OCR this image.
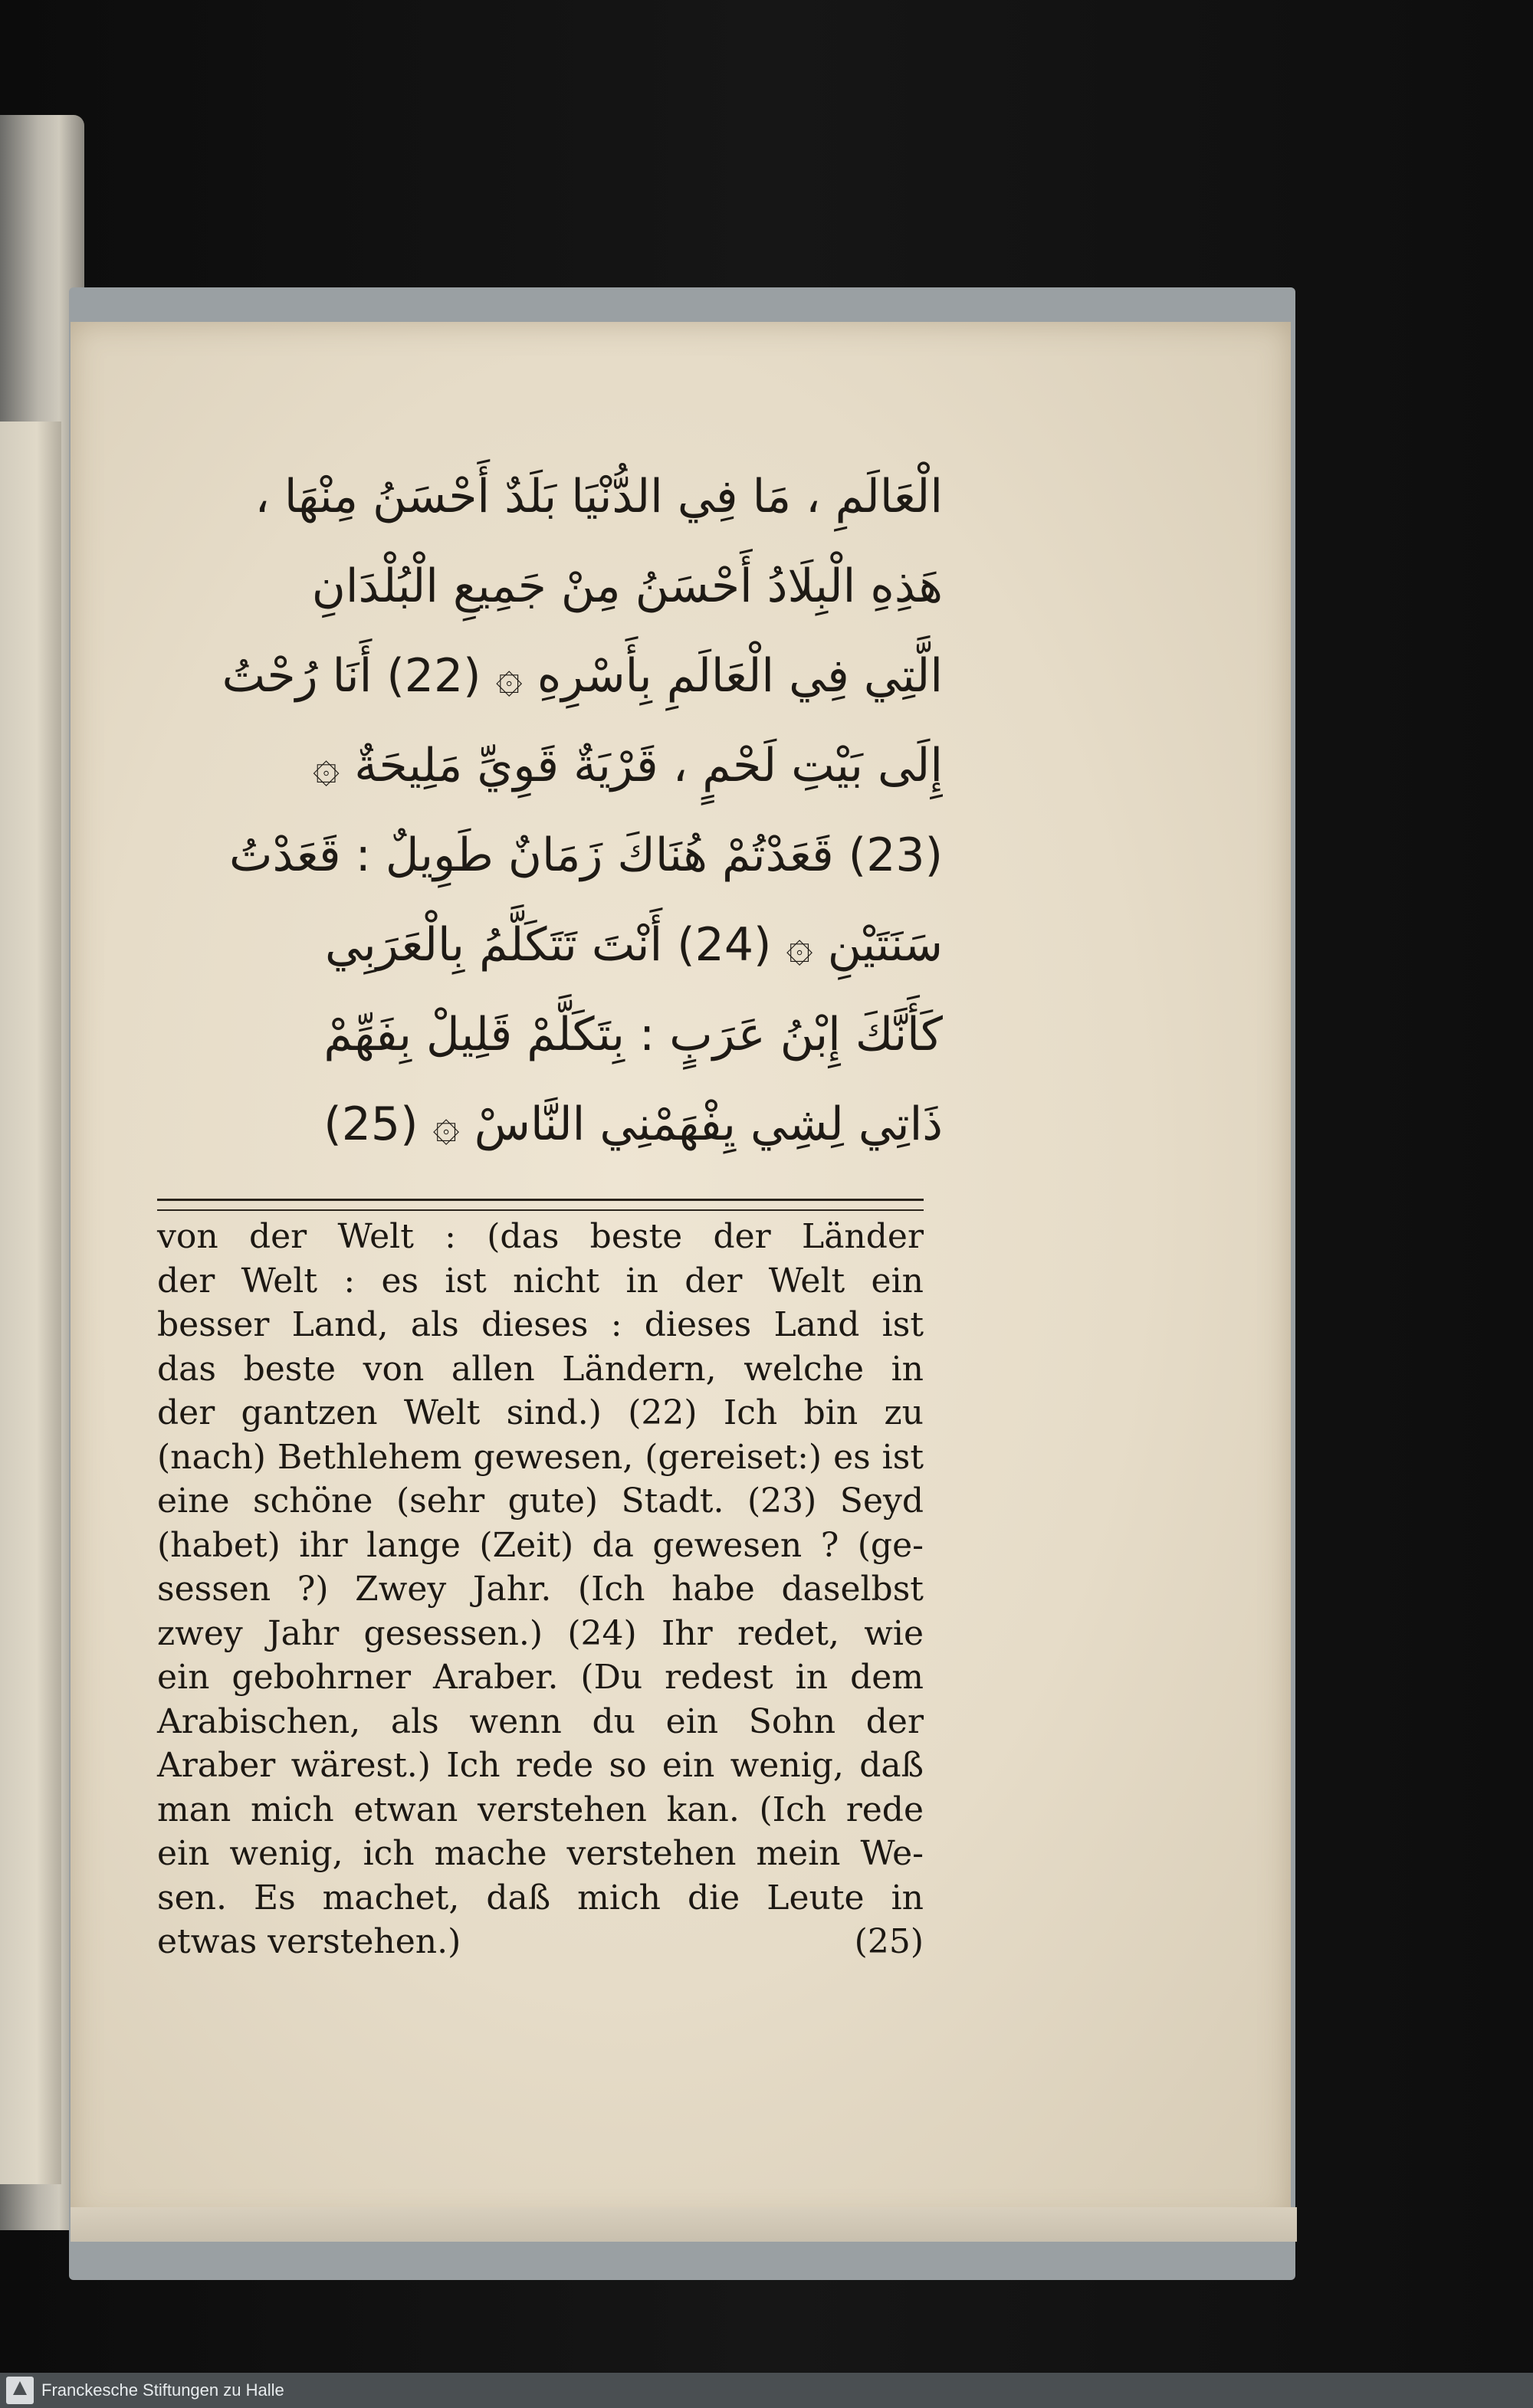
الْعَالَمِ ، مَا فِي الدُّنْيَا بَلَدٌ أَحْسَنُ مِنْهَا ،
هَذِهِ الْبِلَادُ أَحْسَنُ مِنْ جَمِيعِ الْبُلْدَانِ
الَّتِي فِي الْعَالَمِ بِأَسْرِهِ ۞ (22) أَنَا رُحْتُ
إِلَى بَيْتِ لَحْمٍ ، قَرْيَةٌ قَوِيِّ مَلِيحَةٌ ۞
(23) قَعَدْتُمْ هُنَاكَ زَمَانٌ طَوِيلٌ : قَعَدْتُ
سَنَتَيْنِ ۞ (24) أَنْتَ تَتَكَلَّمُ بِالْعَرَبِي
كَأَنَّكَ إِبْنُ عَرَبٍ : بِتَكَلَّمْ قَلِيلْ بِفَهِّمْ
ذَاتِي لِشِي يِفْهَمْنِي النَّاسْ ۞ (25)
von der Welt : (das beste der Länder
der Welt : es ist nicht in der Welt ein
besser Land, als dieses : dieses Land ist
das beste von allen Ländern, welche in
der gantzen Welt sind.) (22) Ich bin zu
(nach) Bethlehem gewesen, (gereiset:) es ist
eine schöne (sehr gute) Stadt. (23) Seyd
(habet) ihr lange (Zeit) da gewesen ? (ge-
sessen ?) Zwey Jahr. (Ich habe daselbst
zwey Jahr gesessen.) (24) Ihr redet, wie
ein gebohrner Araber. (Du redest in dem
Arabischen, als wenn du ein Sohn der
Araber wärest.) Ich rede so ein wenig, daß
man mich etwan verstehen kan. (Ich rede
ein wenig, ich mache verstehen mein We-
sen. Es machet, daß mich die Leute in
etwas verstehen.)	(25)
Franckesche Stiftungen zu Halle
